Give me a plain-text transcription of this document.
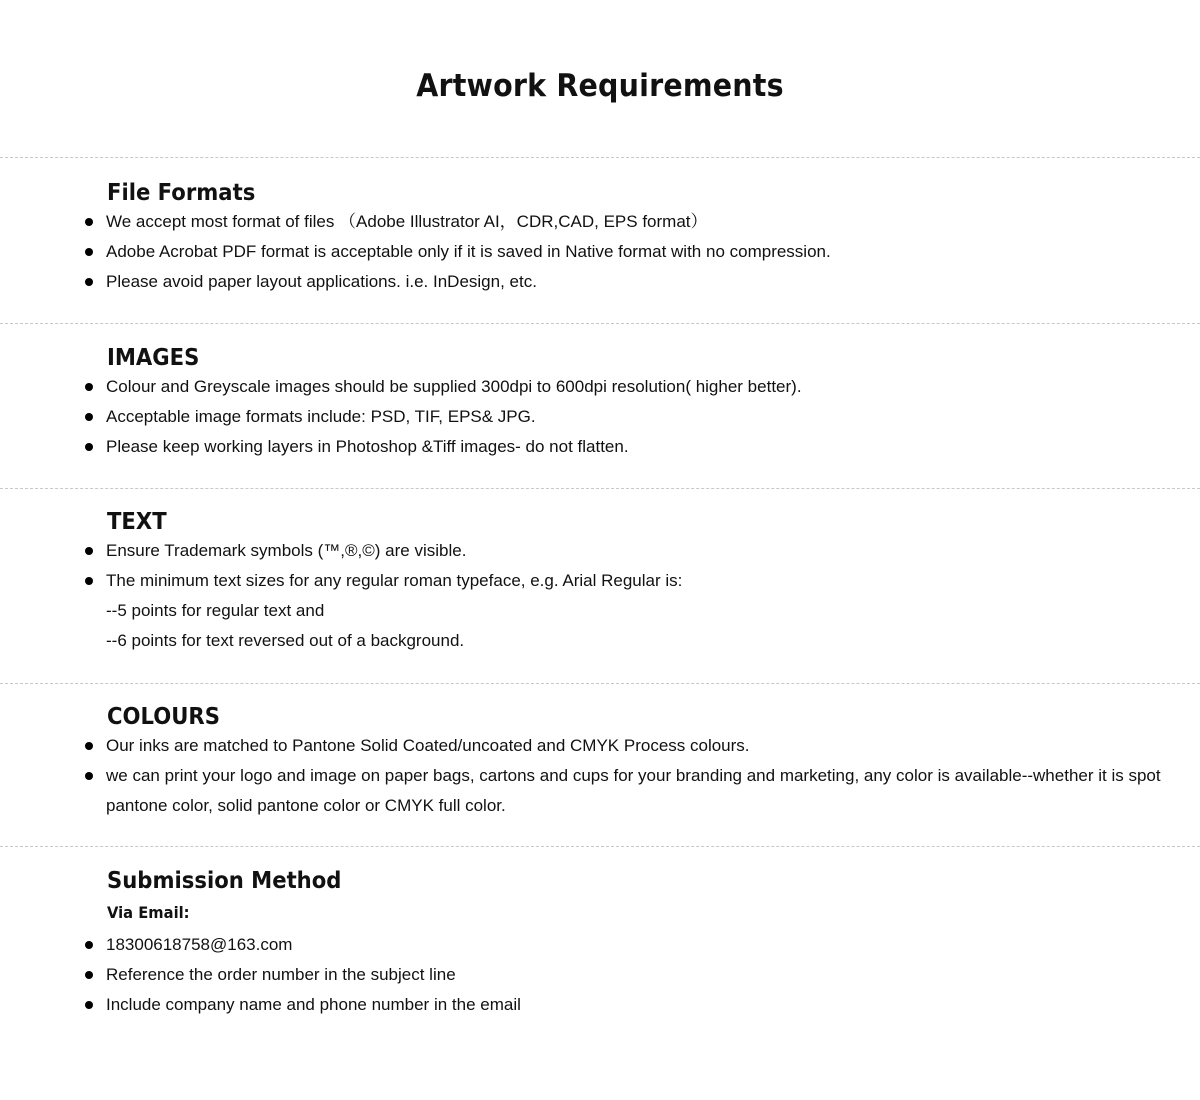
Artwork Requirements
File Formats
We accept most format of files （Adobe Illustrator AI，CDR,CAD, EPS format）
Adobe Acrobat PDF format is acceptable only if it is saved in Native format with no compression.
Please avoid paper layout applications. i.e. InDesign, etc.
IMAGES
Colour and Greyscale images should be supplied 300dpi to 600dpi resolution( higher better).
Acceptable image formats include: PSD, TIF, EPS& JPG.
Please keep working layers in Photoshop &Tiff images- do not flatten.
TEXT
Ensure Trademark symbols (™,®,©) are visible.
The minimum text sizes for any regular roman typeface, e.g. Arial Regular is:
--5 points for regular text and
--6 points for text reversed out of a background.
COLOURS
Our inks are matched to Pantone Solid Coated/uncoated and CMYK Process colours.
we can print your logo and image on paper bags, cartons and cups for your branding and marketing, any color is available--whether it is spot pantone color, solid pantone color or CMYK full color.
Submission Method
Via Email:
18300618758@163.com
Reference the order number in the subject line
Include company name and phone number in the email
